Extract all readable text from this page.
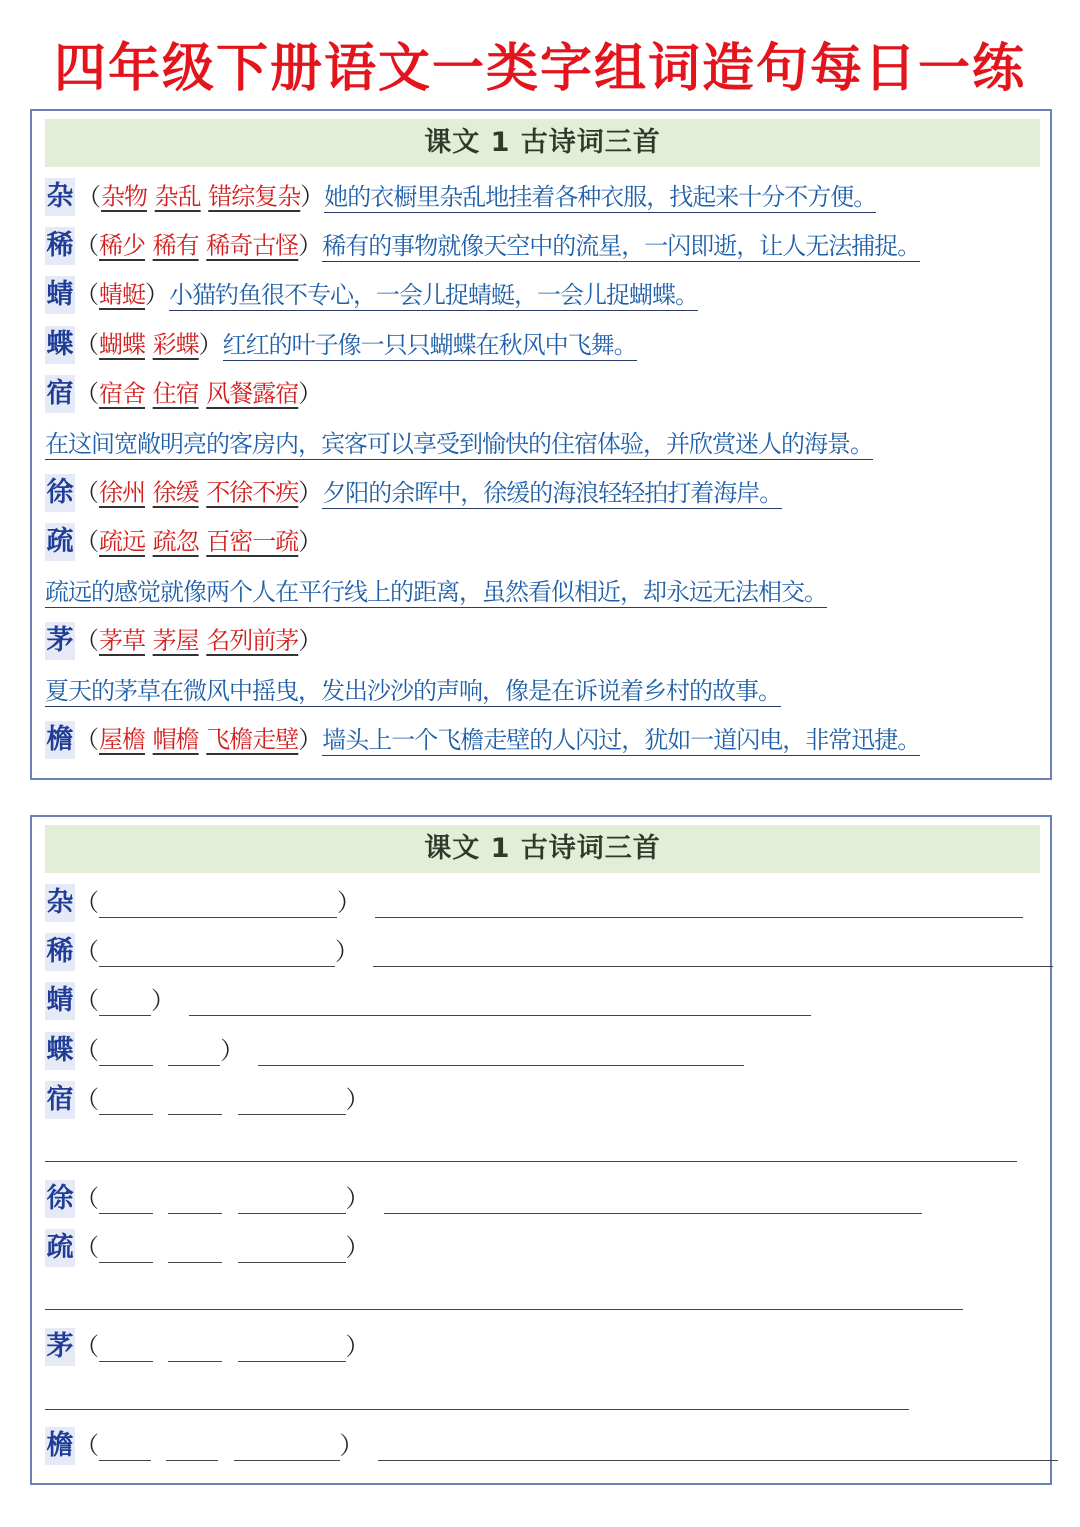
四年级下册语文一类字组词造句每日一练
课文 1 古诗词三首
杂 （杂物 杂乱 错综复杂）她的衣橱里杂乱地挂着各种衣服，找起来十分不方便。
稀（稀少 稀有 稀奇古怪）稀有的事物就像天空中的流星，一闪即逝，让人无法捕捉。
蜻（蜻蜓）小猫钓鱼很不专心，一会儿捉蜻蜓，一会儿捉蝴蝶。
蝶（蝴蝶 彩蝶）红红的叶子像一只只蝴蝶在秋风中飞舞。
宿（宿舍 住宿 风餐露宿）
在这间宽敞明亮的客房内，宾客可以享受到愉快的住宿体验，并欣赏迷人的海景。
徐（徐州 徐缓 不徐不疾）夕阳的余晖中，徐缓的海浪轻轻拍打着海岸。
疏（疏远 疏忽 百密一疏）
疏远的感觉就像两个人在平行线上的距离，虽然看似相近，却永远无法相交。
茅（茅草 茅屋 名列前茅）
夏天的茅草在微风中摇曳，发出沙沙的声响，像是在诉说着乡村的故事。
檐（屋檐 帽檐 飞檐走壁）墙头上一个飞檐走壁的人闪过，犹如一道闪电，非常迅捷。
课文 1 古诗词三首
杂（	）
稀（	）
蜻（ ）
蝶（	）
宿（	）
徐（	）
疏（	）
茅（	）
檐（	）
